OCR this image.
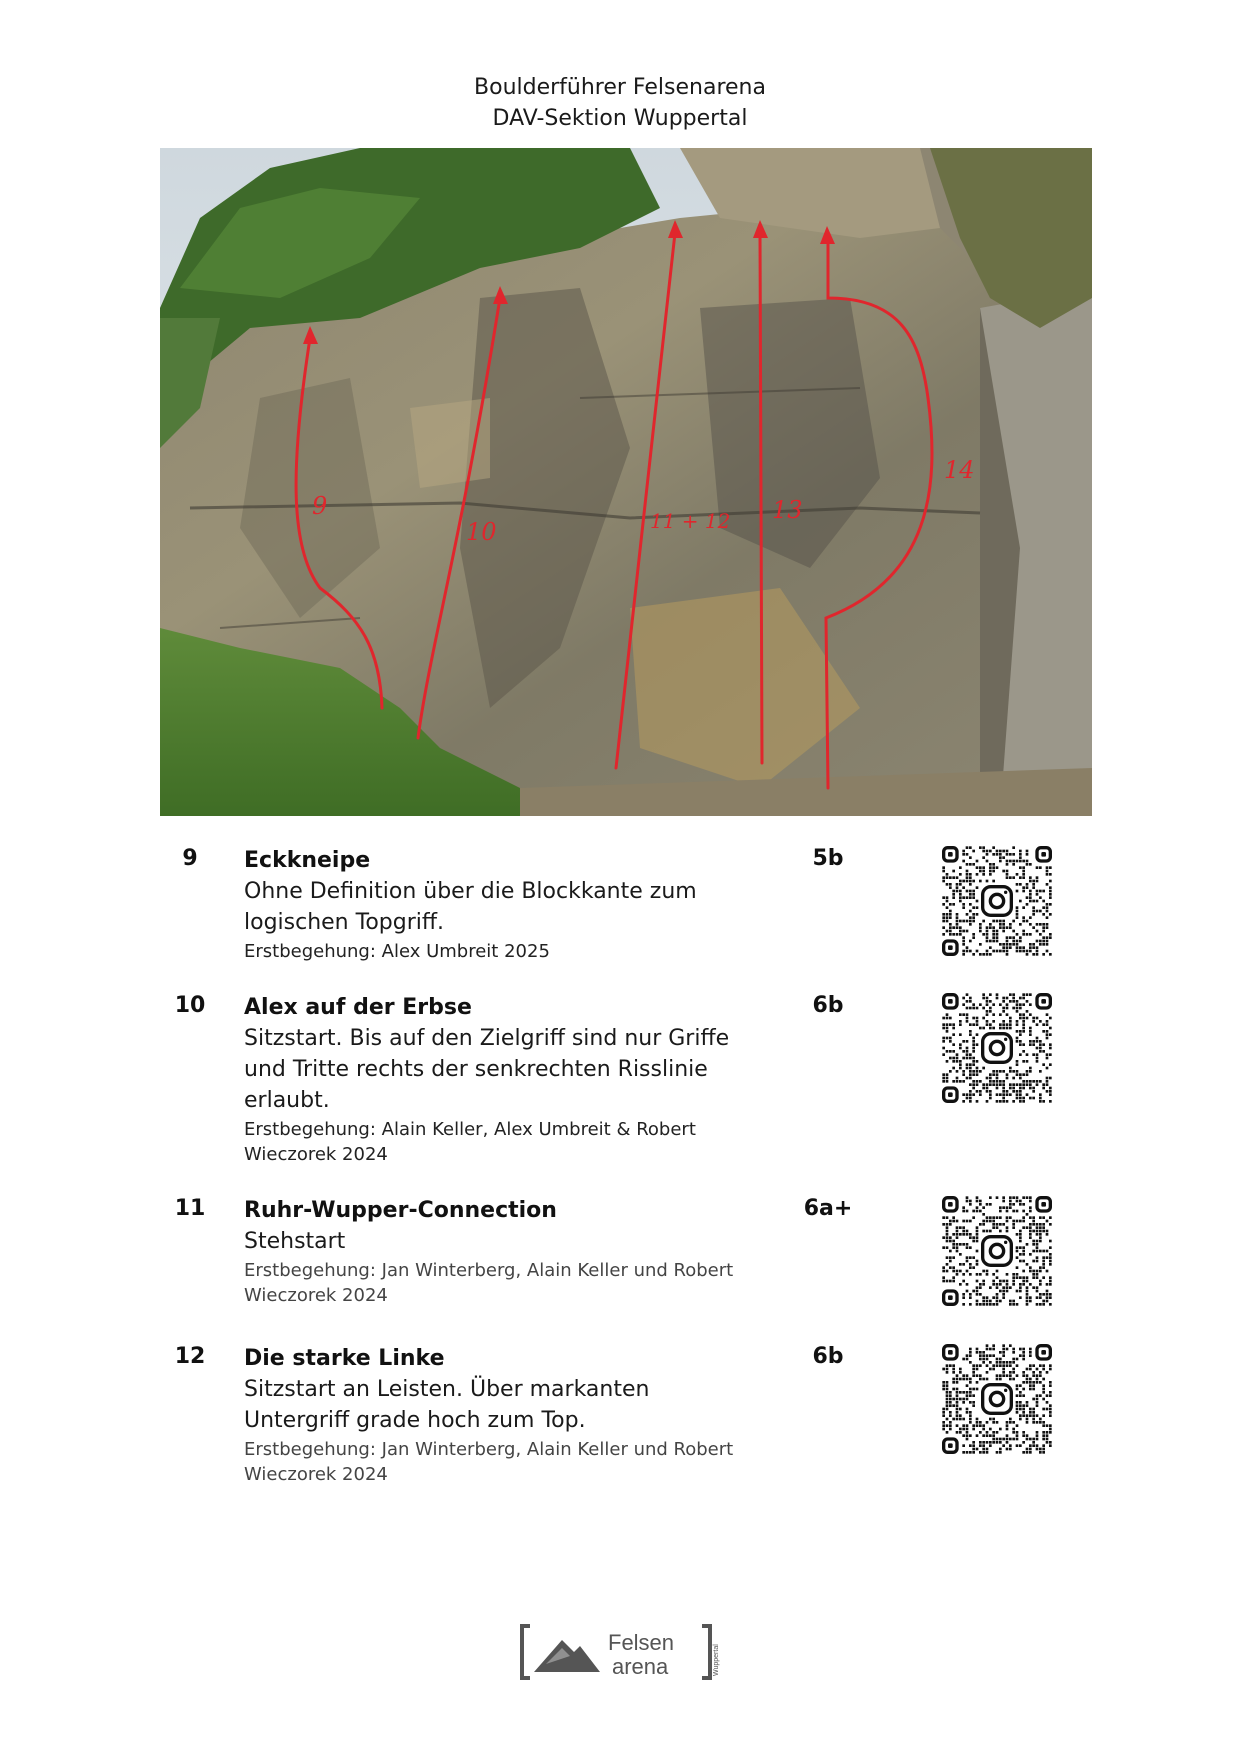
Boulderführer Felsenarena
DAV-Sektion Wuppertal
9
10	11 + 12 13
14
9	Eckkneipe
Ohne Definition über die Blockkante zum
logischen Topgriff.
Erstbegehung: Alex Umbreit 2025
5b
10	Alex auf der Erbse
Sitzstart. Bis auf den Zielgriff sind nur Griffe
und Tritte rechts der senkrechten Risslinie
erlaubt.
Erstbegehung: Alain Keller, Alex Umbreit & Robert
Wieczorek 2024
6b
11	Ruhr-Wupper-Connection
Stehstart
Erstbegehung: Jan Winterberg, Alain Keller und Robert
Wieczorek 2024
6a+
12	Die starke Linke
Sitzstart an Leisten. Über markanten
Untergriff grade hoch zum Top.
Erstbegehung: Jan Winterberg, Alain Keller und Robert
Wieczorek 2024
6b
Felsen
arena	Wuppertal
